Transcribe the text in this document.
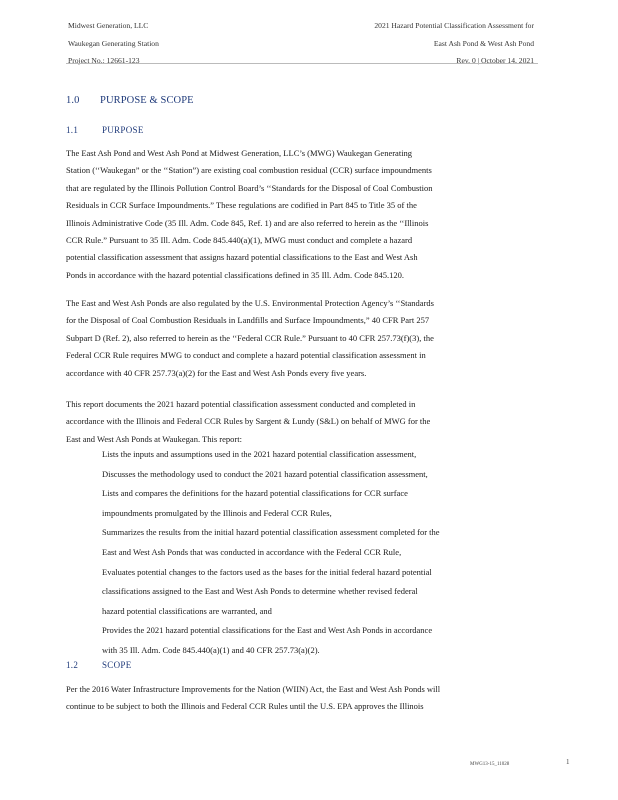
Midwest Generation, LLC
Waukegan Generating Station
Project No.: 12661-123
2021 Hazard Potential Classification Assessment for
East Ash Pond & West Ash Pond
Rev. 0 | October 14, 2021
1.0 PURPOSE & SCOPE
1.1	PURPOSE
The East Ash Pond and West Ash Pond at Midwest Generation, LLC’s (MWG) Waukegan Generating
Station (‘‘Waukegan” or the ‘‘Station”) are existing coal combustion residual (CCR) surface impoundments
that are regulated by the Illinois Pollution Control Board’s ‘‘Standards for the Disposal of Coal Combustion
Residuals in CCR Surface Impoundments.” These regulations are codified in Part 845 to Title 35 of the
Illinois Administrative Code (35 Ill. Adm. Code 845, Ref. 1) and are also referred to herein as the ‘‘Illinois
CCR Rule.” Pursuant to 35 Ill. Adm. Code 845.440(a)(1), MWG must conduct and complete a hazard
potential classification assessment that assigns hazard potential classifications to the East and West Ash
Ponds in accordance with the hazard potential classifications defined in 35 Ill. Adm. Code 845.120.
The East and West Ash Ponds are also regulated by the U.S. Environmental Protection Agency’s ‘‘Standards
for the Disposal of Coal Combustion Residuals in Landfills and Surface Impoundments,” 40 CFR Part 257
Subpart D (Ref. 2), also referred to herein as the ‘‘Federal CCR Rule.” Pursuant to 40 CFR 257.73(f)(3), the
Federal CCR Rule requires MWG to conduct and complete a hazard potential classification assessment in
accordance with 40 CFR 257.73(a)(2) for the East and West Ash Ponds every five years.
This report documents the 2021 hazard potential classification assessment conducted and completed in
accordance with the Illinois and Federal CCR Rules by Sargent & Lundy (S&L) on behalf of MWG for the
East and West Ash Ponds at Waukegan. This report:
Lists the inputs and assumptions used in the 2021 hazard potential classification assessment,
Discusses the methodology used to conduct the 2021 hazard potential classification assessment,
Lists and compares the definitions for the hazard potential classifications for CCR surface
impoundments promulgated by the Illinois and Federal CCR Rules,
Summarizes the results from the initial hazard potential classification assessment completed for the
East and West Ash Ponds that was conducted in accordance with the Federal CCR Rule,
Evaluates potential changes to the factors used as the bases for the initial federal hazard potential
classifications assigned to the East and West Ash Ponds to determine whether revised federal
hazard potential classifications are warranted, and
Provides the 2021 hazard potential classifications for the East and West Ash Ponds in accordance
with 35 Ill. Adm. Code 845.440(a)(1) and 40 CFR 257.73(a)(2).
1.2	SCOPE
Per the 2016 Water Infrastructure Improvements for the Nation (WIIN) Act, the East and West Ash Ponds will
continue to be subject to both the Illinois and Federal CCR Rules until the U.S. EPA approves the Illinois
MWG13-15_11028	1
